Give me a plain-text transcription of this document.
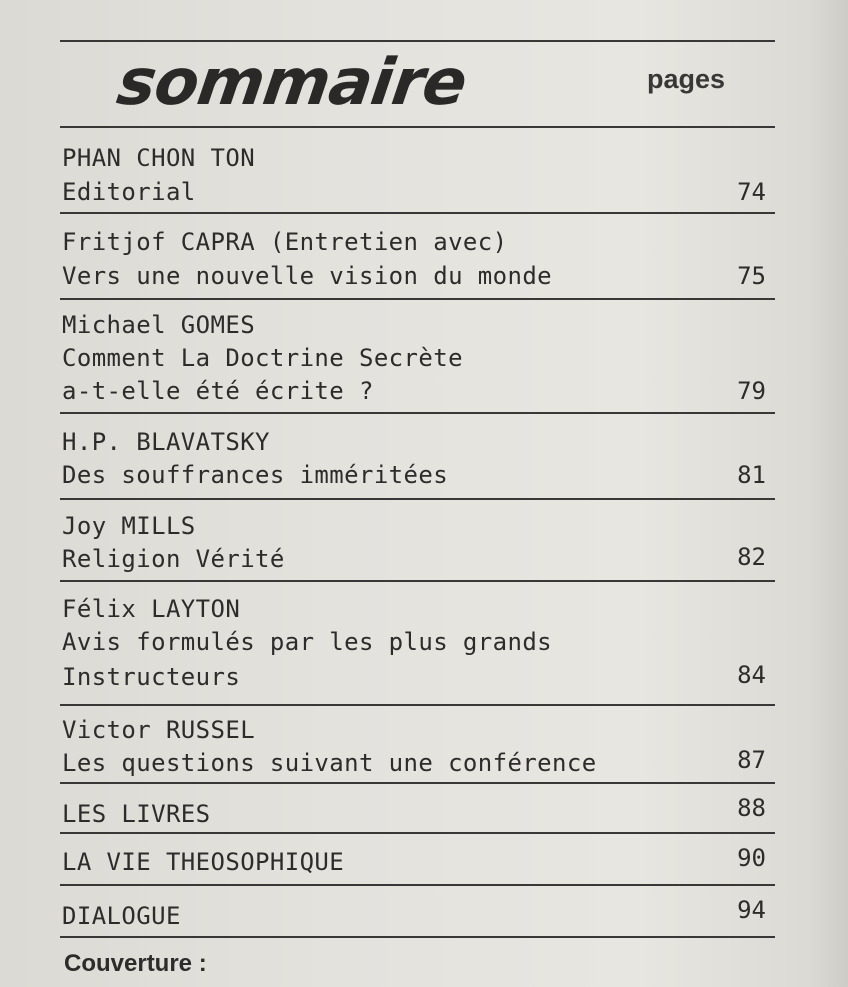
sommaire	pages
PHAN CHON TON
Editorial	74
Fritjof CAPRA (Entretien avec)
Vers une nouvelle vision du monde	75
Michael GOMES
Comment La Doctrine Secrète
a-t-elle été écrite ?	79
H.P. BLAVATSKY
Des souffrances imméritées	81
Joy MILLS
Religion Vérité	82
Félix LAYTON
Avis formulés par les plus grands
Instructeurs	84
Victor RUSSEL
Les questions suivant une conférence	87
LES LIVRES	88
LA VIE THEOSOPHIQUE	90
DIALOGUE	94
Couverture :
